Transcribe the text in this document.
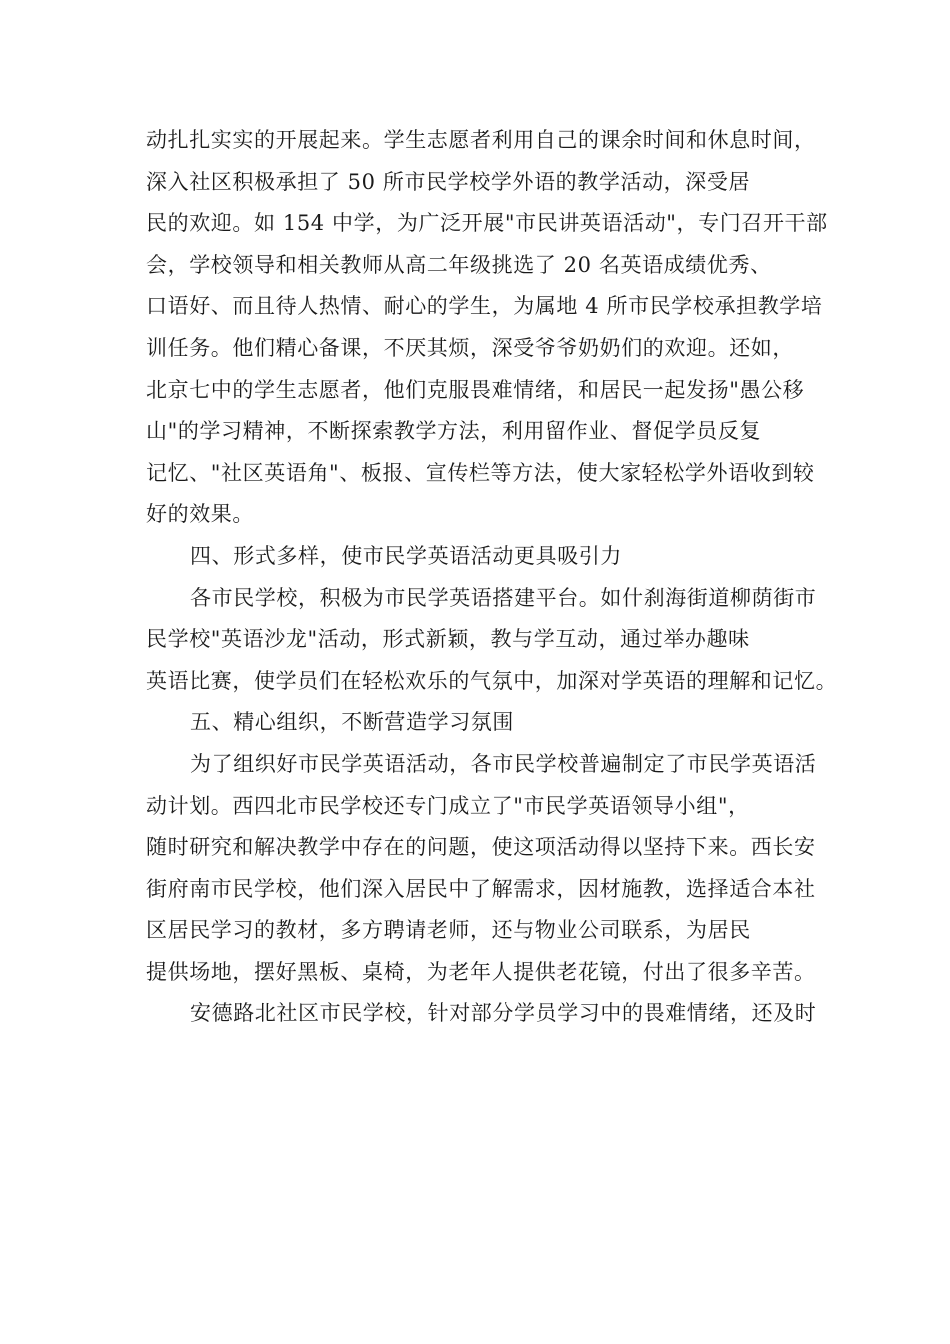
动扎扎实实的开展起来。学生志愿者利用自己的课余时间和休息时间，
深入社区积极承担了 50 所市民学校学外语的教学活动，深受居
民的欢迎。如 154 中学，为广泛开展"市民讲英语活动"，专门召开干部
会，学校领导和相关教师从高二年级挑选了 20 名英语成绩优秀、
口语好、而且待人热情、耐心的学生，为属地 4 所市民学校承担教学培
训任务。他们精心备课，不厌其烦，深受爷爷奶奶们的欢迎。还如，
北京七中的学生志愿者，他们克服畏难情绪，和居民一起发扬"愚公移
山"的学习精神，不断探索教学方法，利用留作业、督促学员反复
记忆、"社区英语角"、板报、宣传栏等方法，使大家轻松学外语收到较
好的效果。
四、形式多样，使市民学英语活动更具吸引力
各市民学校，积极为市民学英语搭建平台。如什刹海街道柳荫街市
民学校"英语沙龙"活动，形式新颖，教与学互动，通过举办趣味
英语比赛，使学员们在轻松欢乐的气氛中，加深对学英语的理解和记忆。
五、精心组织，不断营造学习氛围
为了组织好市民学英语活动，各市民学校普遍制定了市民学英语活
动计划。西四北市民学校还专门成立了"市民学英语领导小组"，
随时研究和解决教学中存在的问题，使这项活动得以坚持下来。西长安
街府南市民学校，他们深入居民中了解需求，因材施教，选择适合本社
区居民学习的教材，多方聘请老师，还与物业公司联系，为居民
提供场地，摆好黑板、桌椅，为老年人提供老花镜，付出了很多辛苦。
安德路北社区市民学校，针对部分学员学习中的畏难情绪，还及时
